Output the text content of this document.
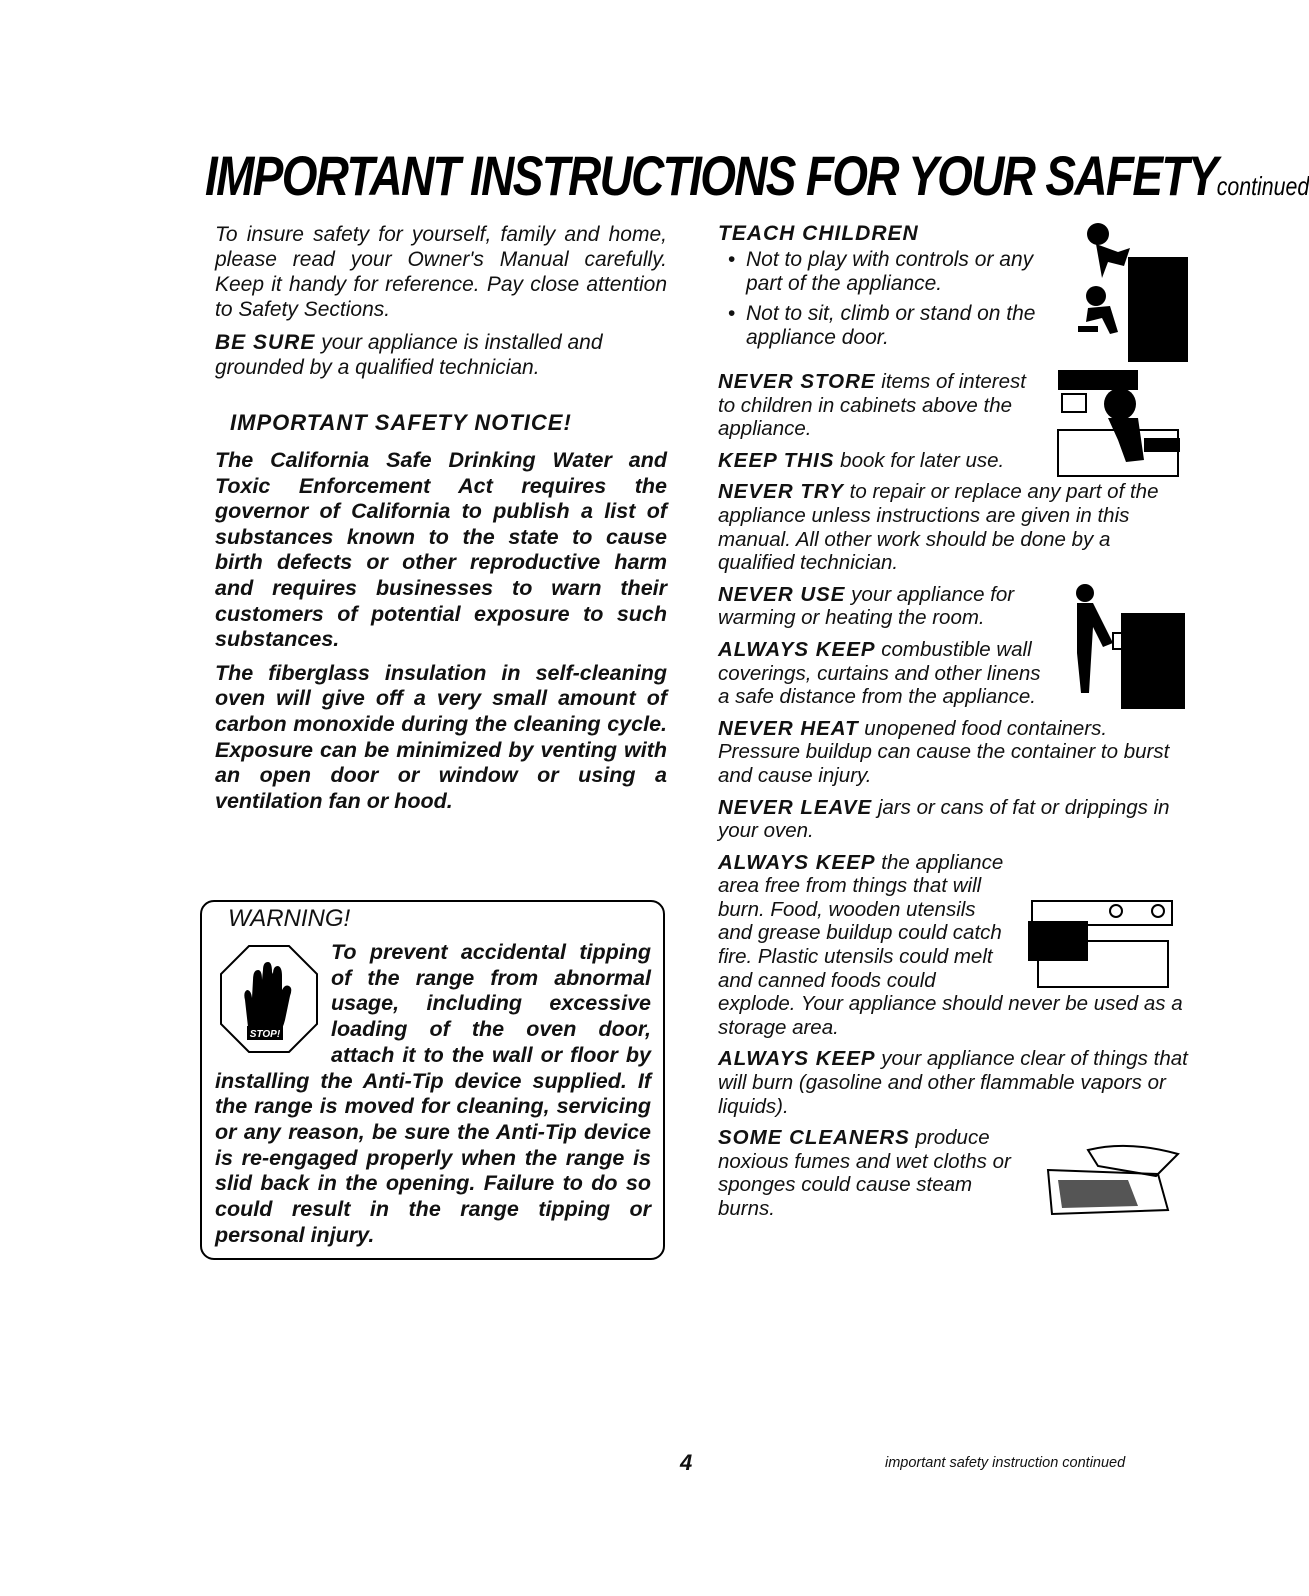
IMPORTANT INSTRUCTIONS FOR YOUR SAFETYcontinued

To insure safety for yourself, family and home, please read your Owner's Manual carefully. Keep it handy for reference. Pay close attention to Safety Sections.

BE SURE your appliance is installed and grounded by a qualified technician.

IMPORTANT SAFETY NOTICE!

The California Safe Drinking Water and Toxic Enforcement Act requires the governor of California to publish a list of substances known to the state to cause birth defects or other reproductive harm and requires businesses to warn their customers of potential exposure to such substances.

The fiberglass insulation in self-cleaning oven will give off a very small amount of carbon monoxide during the cleaning cycle. Exposure can be minimized by venting with an open door or window or using a ventilation fan or hood.

WARNING!
STOP!
To prevent accidental tipping of the range from abnormal usage, including excessive loading of the oven door, attach it to the wall or floor by installing the Anti-Tip device supplied. If the range is moved for cleaning, servicing or any reason, be sure the Anti-Tip device is re-engaged properly when the range is slid back in the opening. Failure to do so could result in the range tipping or personal injury.
TEACH CHILDREN
• Not to play with controls or any part of the appliance.
• Not to sit, climb or stand on the appliance door.

NEVER STORE items of interest to children in cabinets above the appliance.

KEEP THIS book for later use.

NEVER TRY to repair or replace any part of the appliance unless instructions are given in this manual. All other work should be done by a qualified technician.

NEVER USE your appliance for warming or heating the room.

ALWAYS KEEP combustible wall coverings, curtains and other linens a safe distance from the appliance.

NEVER HEAT unopened food containers. Pressure buildup can cause the container to burst and cause injury.

NEVER LEAVE jars or cans of fat or drippings in your oven.

ALWAYS KEEP the appliance area free from things that will burn. Food, wooden utensils and grease buildup could catch fire. Plastic utensils could melt and canned foods could explode. Your appliance should never be used as a storage area.

ALWAYS KEEP your appliance clear of things that will burn (gasoline and other flammable vapors or liquids).

SOME CLEANERS produce noxious fumes and wet cloths or sponges could cause steam burns.

4	important safety instruction continued
